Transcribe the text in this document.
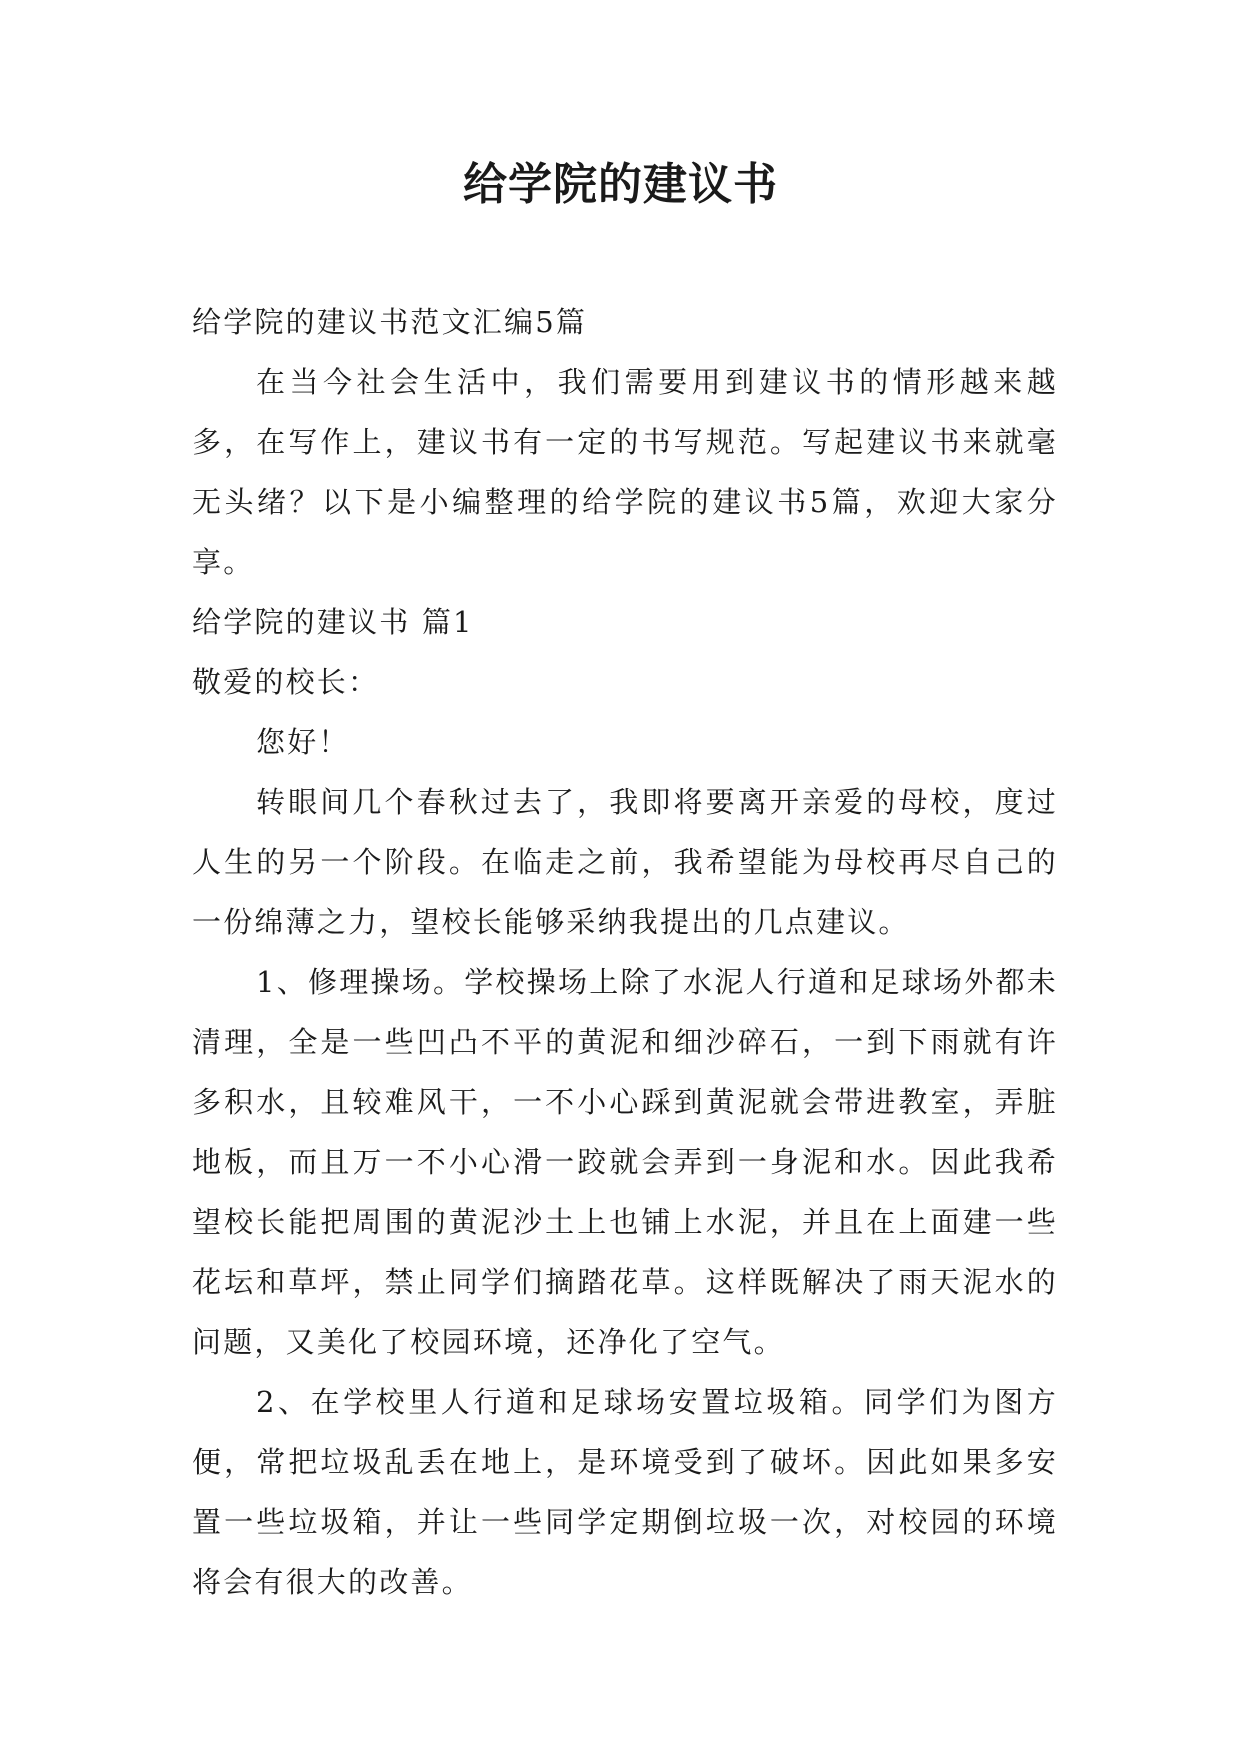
给学院的建议书

给学院的建议书范文汇编5篇

在当今社会生活中，我们需要用到建议书的情形越来越多，在写作上，建议书有一定的书写规范。写起建议书来就毫无头绪？以下是小编整理的给学院的建议书5篇，欢迎大家分享。

给学院的建议书 篇1

敬爱的校长：

您好！

转眼间几个春秋过去了，我即将要离开亲爱的母校，度过人生的另一个阶段。在临走之前，我希望能为母校再尽自己的一份绵薄之力，望校长能够采纳我提出的几点建议。

1、修理操场。学校操场上除了水泥人行道和足球场外都未清理，全是一些凹凸不平的黄泥和细沙碎石，一到下雨就有许多积水，且较难风干，一不小心踩到黄泥就会带进教室，弄脏地板，而且万一不小心滑一跤就会弄到一身泥和水。因此我希望校长能把周围的黄泥沙土上也铺上水泥，并且在上面建一些花坛和草坪，禁止同学们摘踏花草。这样既解决了雨天泥水的问题，又美化了校园环境，还净化了空气。

2、在学校里人行道和足球场安置垃圾箱。同学们为图方便，常把垃圾乱丢在地上，是环境受到了破坏。因此如果多安置一些垃圾箱，并让一些同学定期倒垃圾一次，对校园的环境将会有很大的改善。
